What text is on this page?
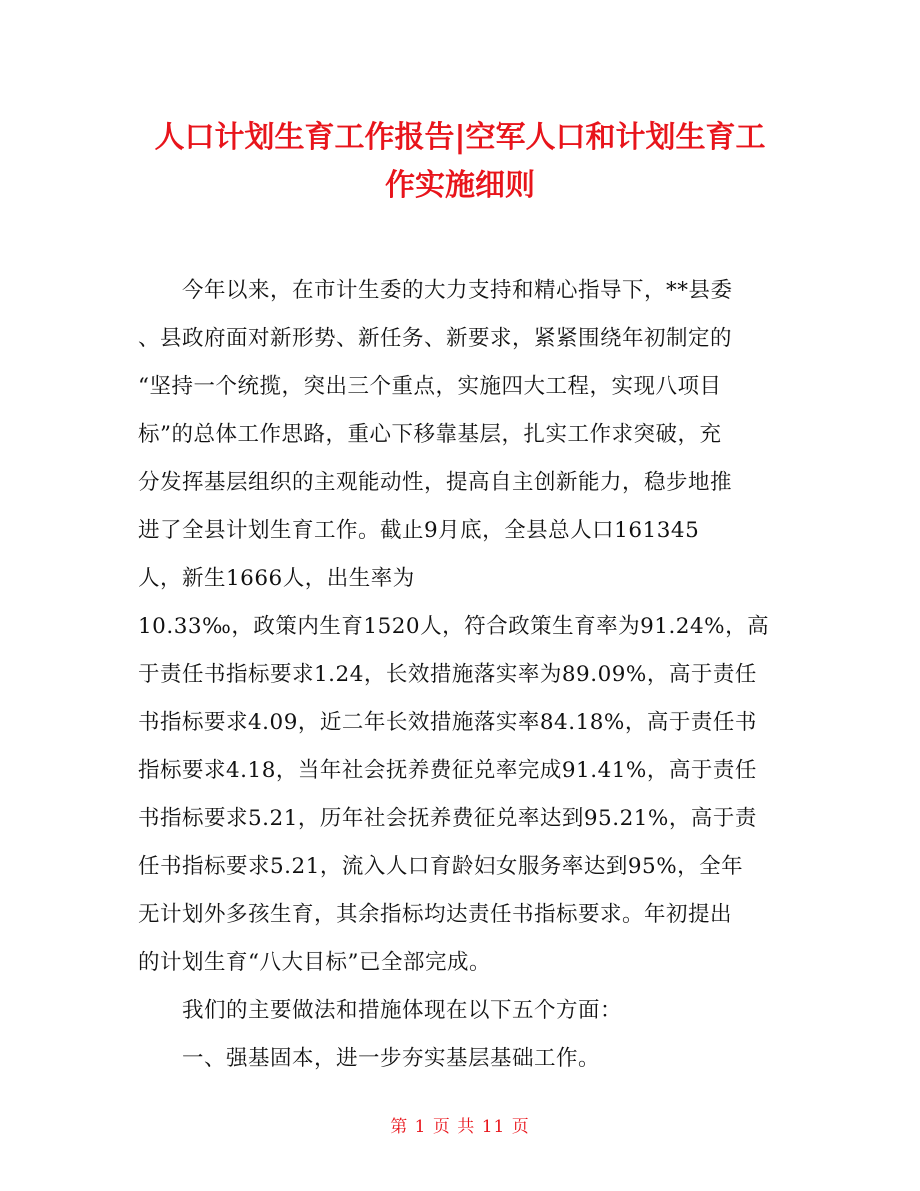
人口计划生育工作报告|空军人口和计划生育工
作实施细则
　　今年以来，在市计生委的大力支持和精心指导下，**县委
、县政府面对新形势、新任务、新要求，紧紧围绕年初制定的
“坚持一个统揽，突出三个重点，实施四大工程，实现八项目
标”的总体工作思路，重心下移靠基层，扎实工作求突破，充
分发挥基层组织的主观能动性，提高自主创新能力，稳步地推
进了全县计划生育工作。截止9月底，全县总人口161345
人，新生1666人，出生率为
10.33‰，政策内生育1520人，符合政策生育率为91.24%，高
于责任书指标要求1.24，长效措施落实率为89.09%，高于责任
书指标要求4.09，近二年长效措施落实率84.18%，高于责任书
指标要求4.18，当年社会抚养费征兑率完成91.41%，高于责任
书指标要求5.21，历年社会抚养费征兑率达到95.21%，高于责
任书指标要求5.21，流入人口育龄妇女服务率达到95%，全年
无计划外多孩生育，其余指标均达责任书指标要求。年初提出
的计划生育“八大目标”已全部完成。
　　我们的主要做法和措施体现在以下五个方面：
　　一、强基固本，进一步夯实基层基础工作。
第 1 页 共 11 页
